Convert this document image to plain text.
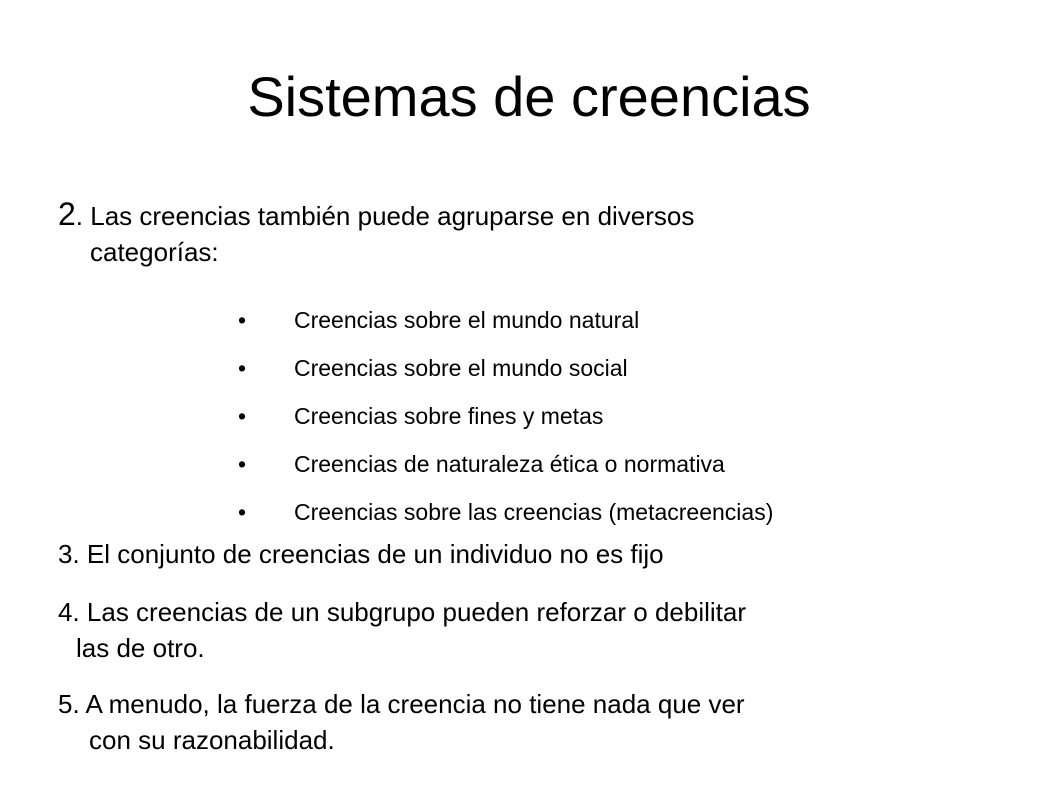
Sistemas de creencias
2. Las creencias también puede agruparse en diversos
categorías:
•	Creencias sobre el mundo natural
•	Creencias sobre el mundo social
•	Creencias sobre fines y metas
•	Creencias de naturaleza ética o normativa
•	Creencias sobre las creencias (metacreencias)
3. El conjunto de creencias de un individuo no es fijo
4. Las creencias de un subgrupo pueden reforzar o debilitar
las de otro.
5. A menudo, la fuerza de la creencia no tiene nada que ver
con su razonabilidad.
